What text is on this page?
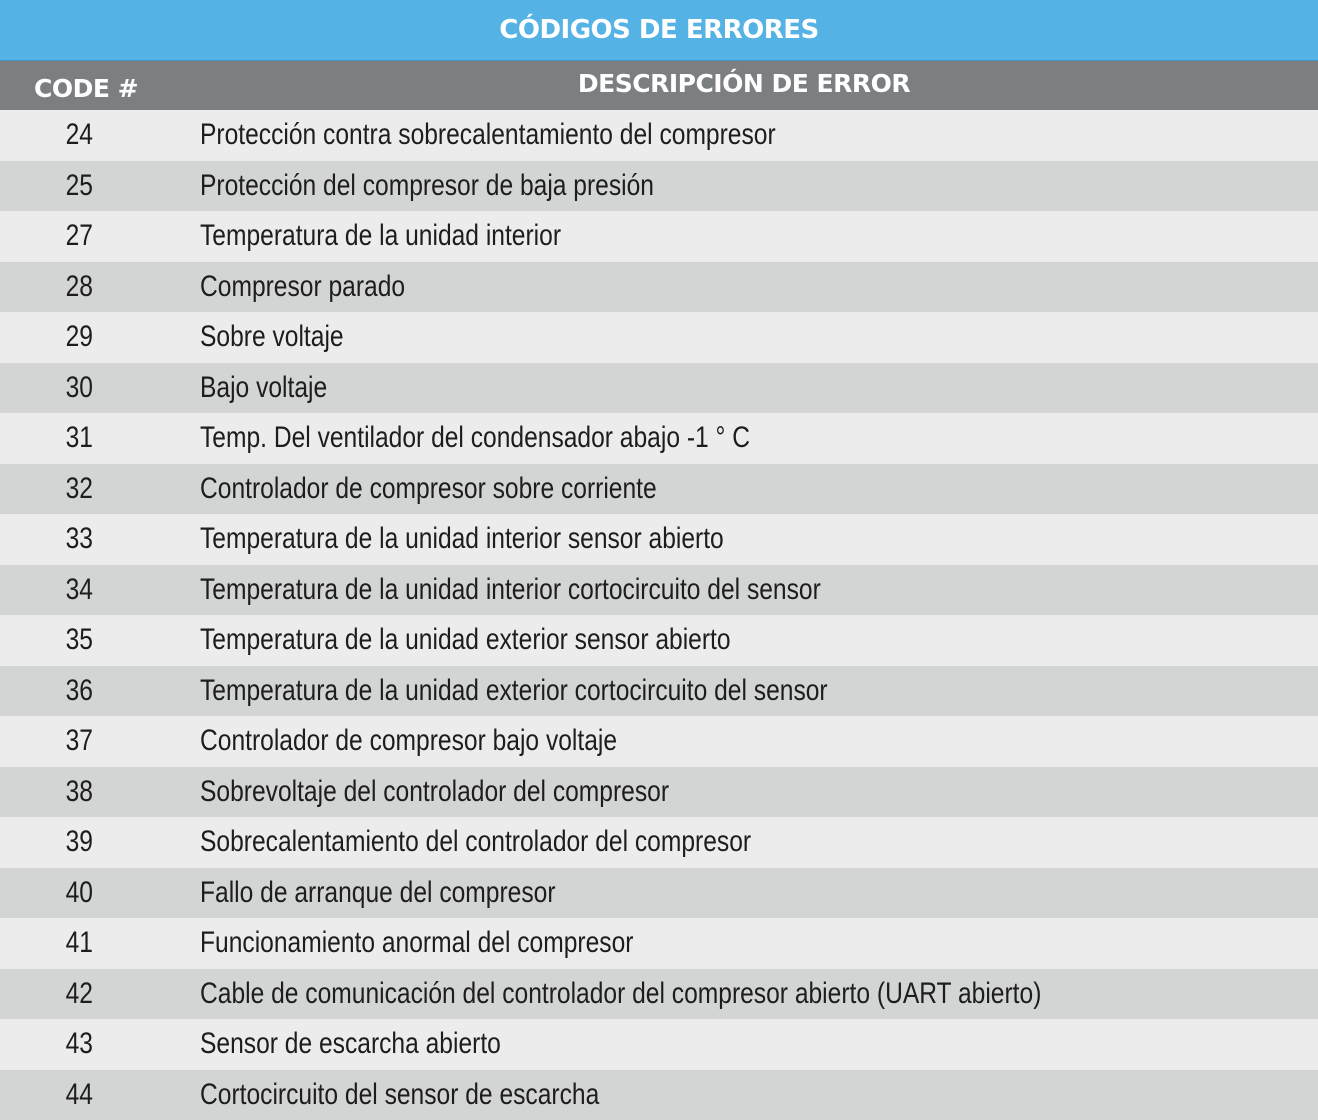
CÓDIGOS DE ERRORES
CODE #	DESCRIPCIÓN DE ERROR
24	Protección contra sobrecalentamiento del compresor
25	Protección del compresor de baja presión
27	Temperatura de la unidad interior
28	Compresor parado
29	Sobre voltaje
30	Bajo voltaje
31	Temp. Del ventilador del condensador abajo -1 ° C
32	Controlador de compresor sobre corriente
33	Temperatura de la unidad interior sensor abierto
34	Temperatura de la unidad interior cortocircuito del sensor
35	Temperatura de la unidad exterior sensor abierto
36	Temperatura de la unidad exterior cortocircuito del sensor
37	Controlador de compresor bajo voltaje
38	Sobrevoltaje del controlador del compresor
39	Sobrecalentamiento del controlador del compresor
40	Fallo de arranque del compresor
41	Funcionamiento anormal del compresor
42	Cable de comunicación del controlador del compresor abierto (UART abierto)
43	Sensor de escarcha abierto
44	Cortocircuito del sensor de escarcha
